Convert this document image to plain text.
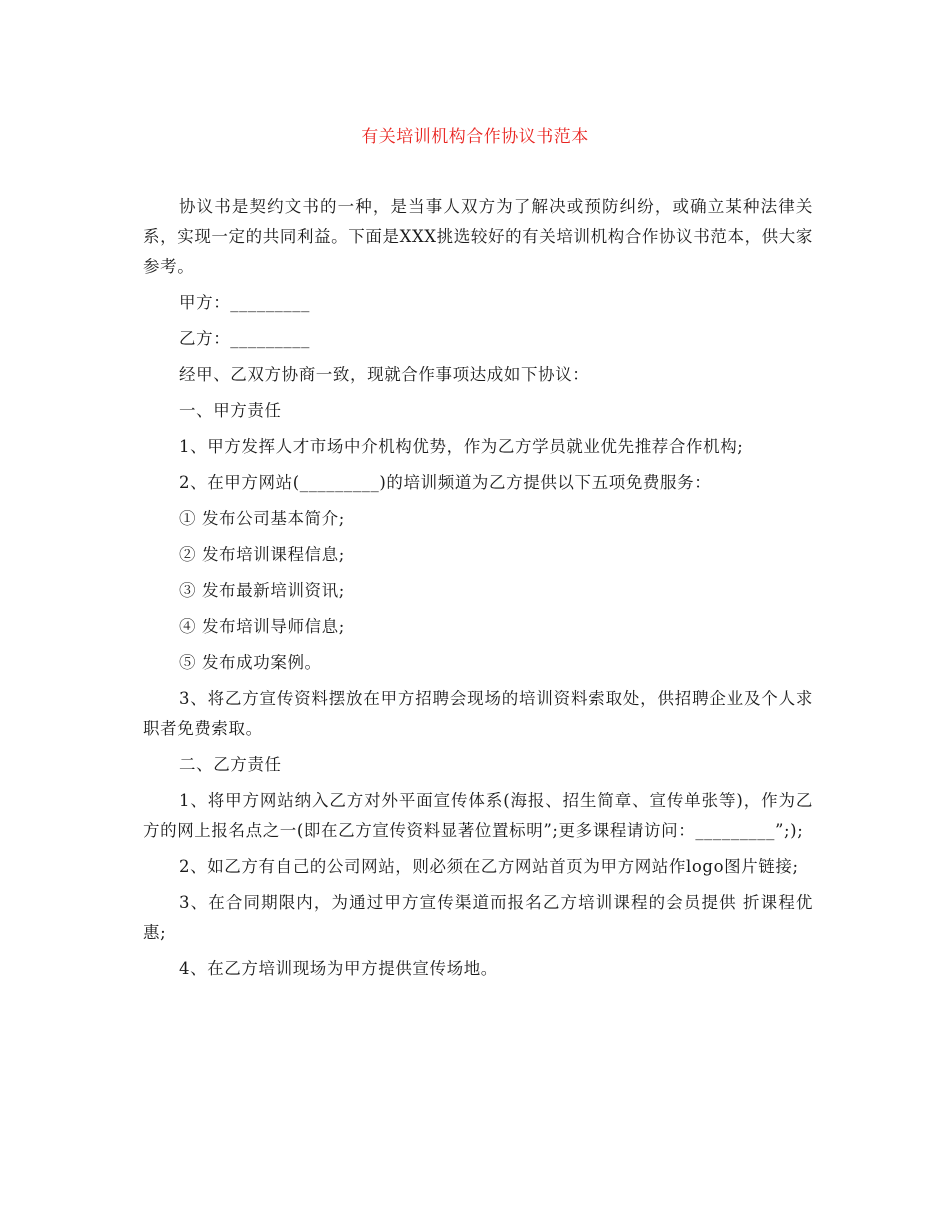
有关培训机构合作协议书范本

协议书是契约文书的一种，是当事人双方为了解决或预防纠纷，或确立某种法律关系，实现一定的共同利益。下面是XXX挑选较好的有关培训机构合作协议书范本，供大家参考。

甲方：_________

乙方：_________

经甲、乙双方协商一致，现就合作事项达成如下协议：

一、甲方责任

1、甲方发挥人才市场中介机构优势，作为乙方学员就业优先推荐合作机构;

2、在甲方网站(_________)的培训频道为乙方提供以下五项免费服务：

① 发布公司基本简介;

② 发布培训课程信息;

③ 发布最新培训资讯;

④ 发布培训导师信息;

⑤ 发布成功案例。

3、将乙方宣传资料摆放在甲方招聘会现场的培训资料索取处，供招聘企业及个人求职者免费索取。

二、乙方责任

1、将甲方网站纳入乙方对外平面宣传体系(海报、招生简章、宣传单张等)，作为乙方的网上报名点之一(即在乙方宣传资料显著位置标明”;更多课程请访问：_________”;);

2、如乙方有自己的公司网站，则必须在乙方网站首页为甲方网站作logo图片链接;

3、在合同期限内，为通过甲方宣传渠道而报名乙方培训课程的会员提供 折课程优惠;

4、在乙方培训现场为甲方提供宣传场地。
